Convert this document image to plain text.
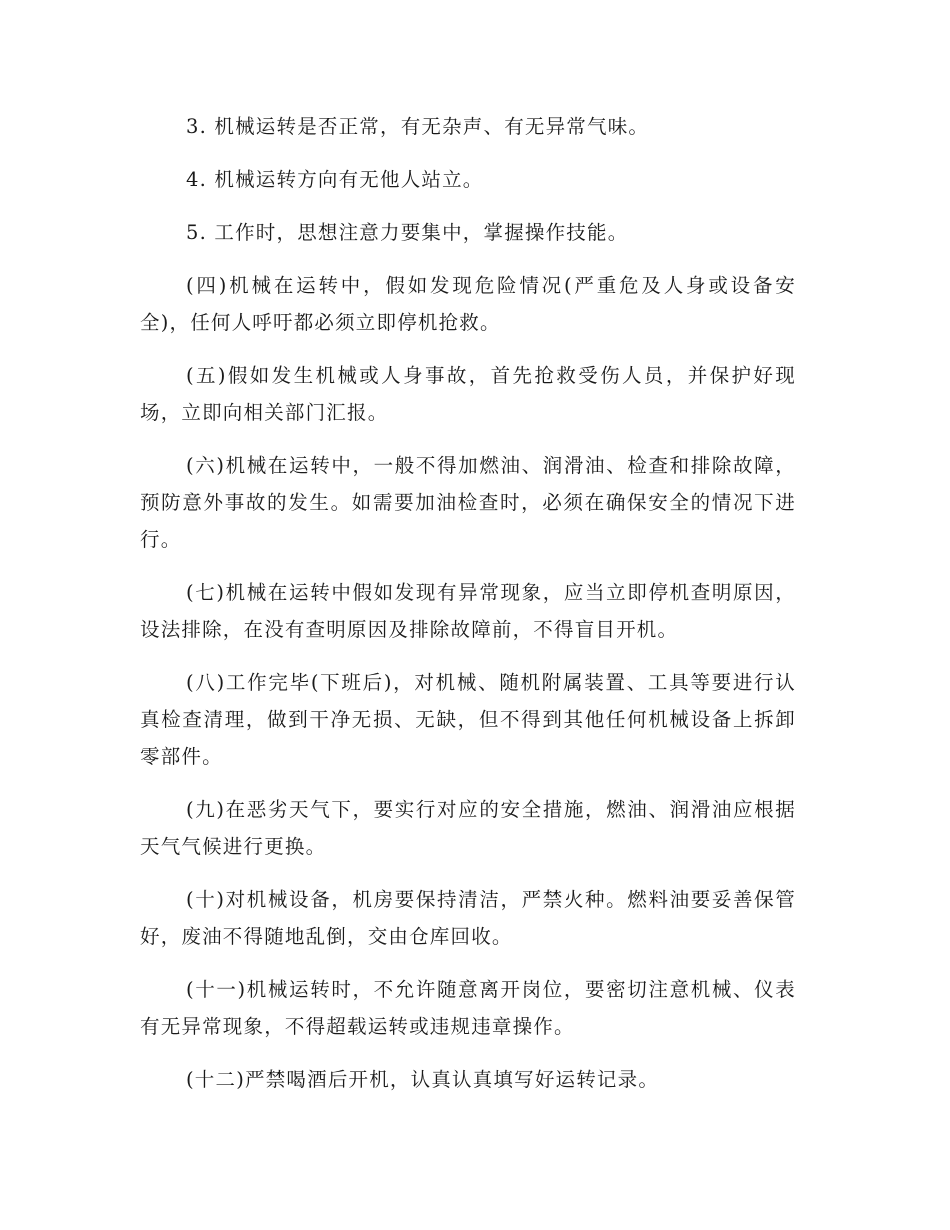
3. 机械运转是否正常，有无杂声、有无异常气味。

4. 机械运转方向有无他人站立。

5. 工作时，思想注意力要集中，掌握操作技能。

(四)机械在运转中，假如发现危险情况(严重危及人身或设备安全)，任何人呼吁都必须立即停机抢救。

(五)假如发生机械或人身事故，首先抢救受伤人员，并保护好现场，立即向相关部门汇报。

(六)机械在运转中，一般不得加燃油、润滑油、检查和排除故障，预防意外事故的发生。如需要加油检查时，必须在确保安全的情况下进行。

(七)机械在运转中假如发现有异常现象，应当立即停机查明原因，设法排除，在没有查明原因及排除故障前，不得盲目开机。

(八)工作完毕(下班后)，对机械、随机附属装置、工具等要进行认真检查清理，做到干净无损、无缺，但不得到其他任何机械设备上拆卸零部件。

(九)在恶劣天气下，要实行对应的安全措施，燃油、润滑油应根据天气气候进行更换。

(十)对机械设备，机房要保持清洁，严禁火种。燃料油要妥善保管好，废油不得随地乱倒，交由仓库回收。

(十一)机械运转时，不允许随意离开岗位，要密切注意机械、仪表有无异常现象，不得超载运转或违规违章操作。

(十二)严禁喝酒后开机，认真认真填写好运转记录。
